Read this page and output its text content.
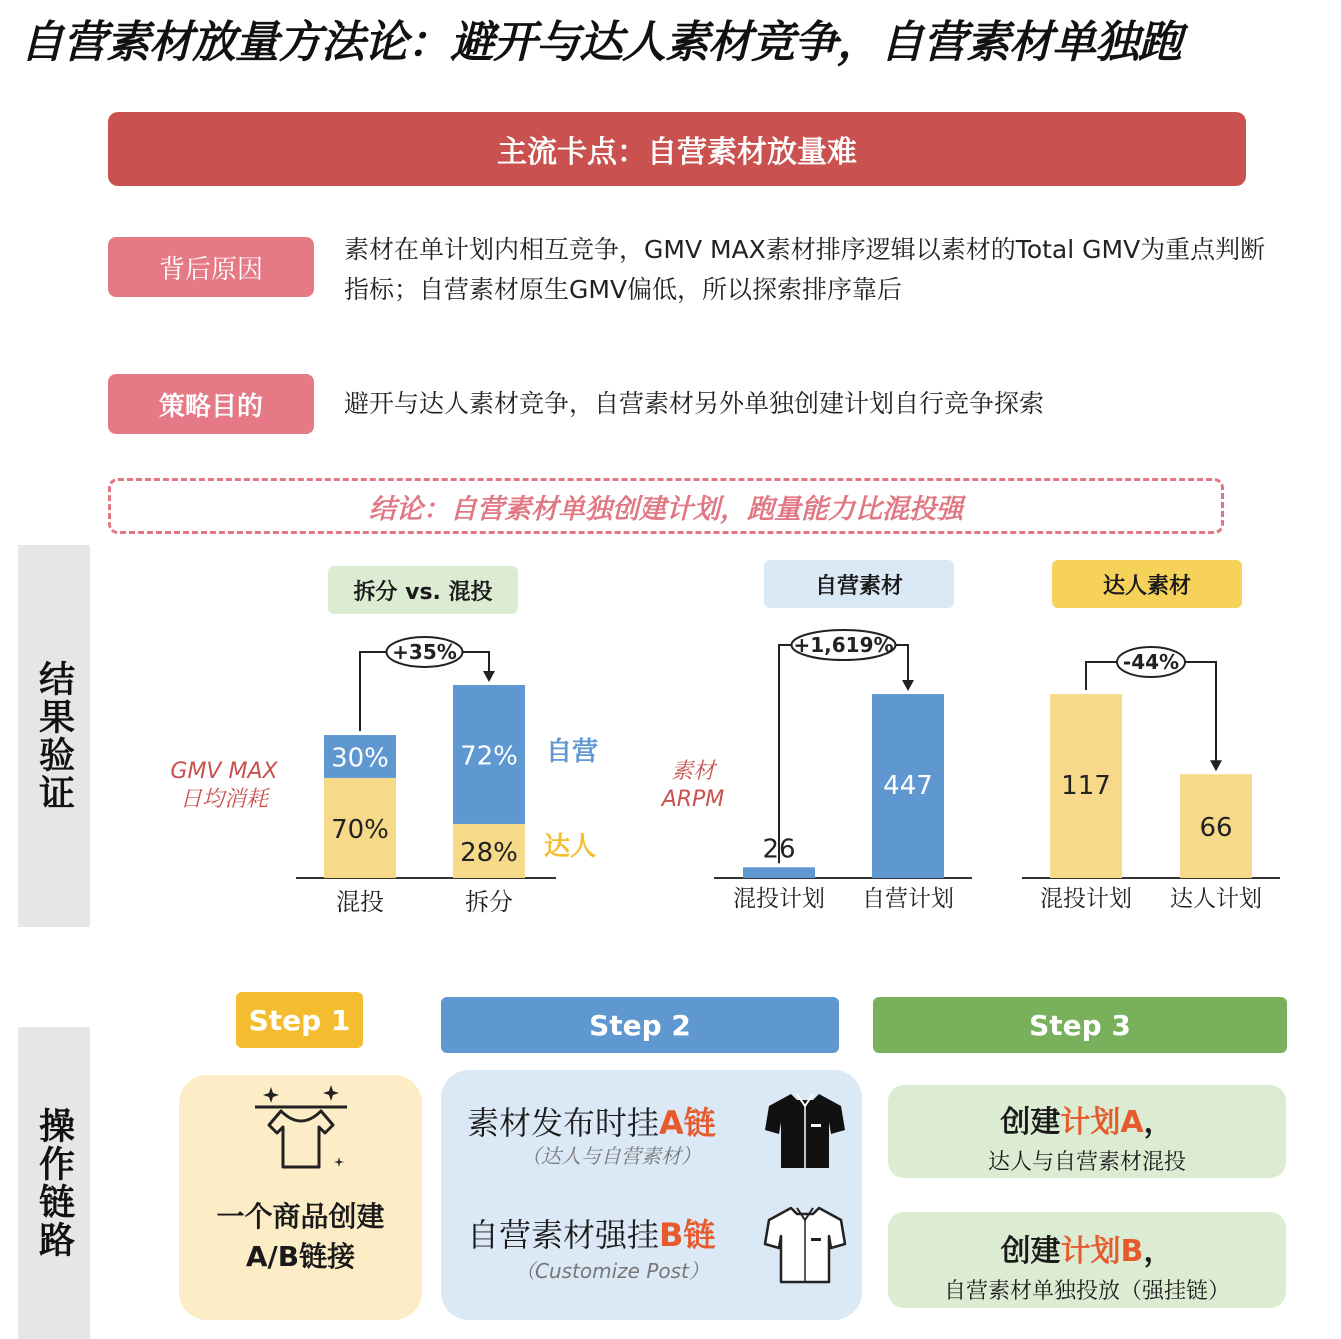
自营素材放量方法论：避开与达人素材竞争，自营素材单独跑
主流卡点：自营素材放量难
背后原因
素材在单计划内相互竞争，GMV MAX素材排序逻辑以素材的Total GMV为重点判断指标；自营素材原生GMV偏低，所以探索排序靠后
策略目的	避开与达人素材竞争，自营素材另外单独创建计划自行竞争探索
结论：自营素材单独创建计划，跑量能力比混投强
结果验证
拆分 vs. 混投	自营素材	达人素材
GMV MAX
日均消耗
素材
ARPM
70%
30%
混投
28%
72%
拆分
自营
达人
+35%
26
混投计划
447
自营计划
+1,619%
117
混投计划
66
达人计划
-44%
操作链路
Step 1	Step 2	Step 3
一个商品创建
A/B链接
素材发布时挂A链
（达人与自营素材）
自营素材强挂B链
（Customize Post）
创建计划A，
达人与自营素材混投
创建计划B，
自营素材单独投放（强挂链）
